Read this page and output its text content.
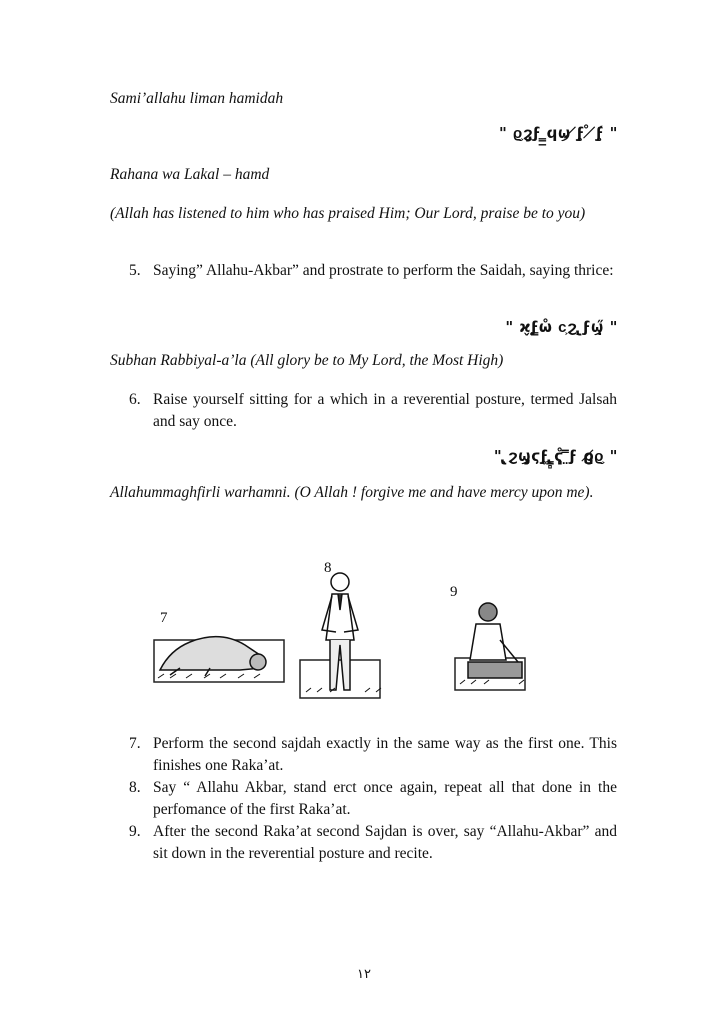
Sami’allahu liman hamidah
" ϱ͕ϩ̡ϝ ̳̲ϥϣ ̸ϝ̧ ̊ ̸ϝ̧́ "
Rahana wa Lakal – hamd
(Allah has listened to him who has praised Him; Our Lord, praise be to you)
5. Saying” Allahu-Akbar” and prostrate to perform the Saidah, saying thrice:
" ϰ̬ϝ̳ω̊ ϲ͕ϩ ̢̱ϝϣ̣̋ "
Subhan Rabbiyal-a’la (All glory be to My Lord, the Most High)
6. Raise yourself sitting for a which in a reverential posture, termed Jalsah and say once.
" ̢̧ϩϣ̡̡ϛϝ̥ ̢̳̻ϛ̻̊ ̤̿ϝ ϱ̸̡ϱ͕ "
Allahummaghfirli warhamni. (O Allah ! forgive me and have mercy upon me).
7
8
9
7. Perform the second sajdah exactly in the same way as the first one. This finishes one Raka’at.
8. Say “ Allahu Akbar, stand erct once again, repeat all that done in the perfomance of the first Raka’at.
9. After the second Raka’at second Sajdan is over, say “Allahu-Akbar” and sit down in the reverential posture and recite.
١٢
